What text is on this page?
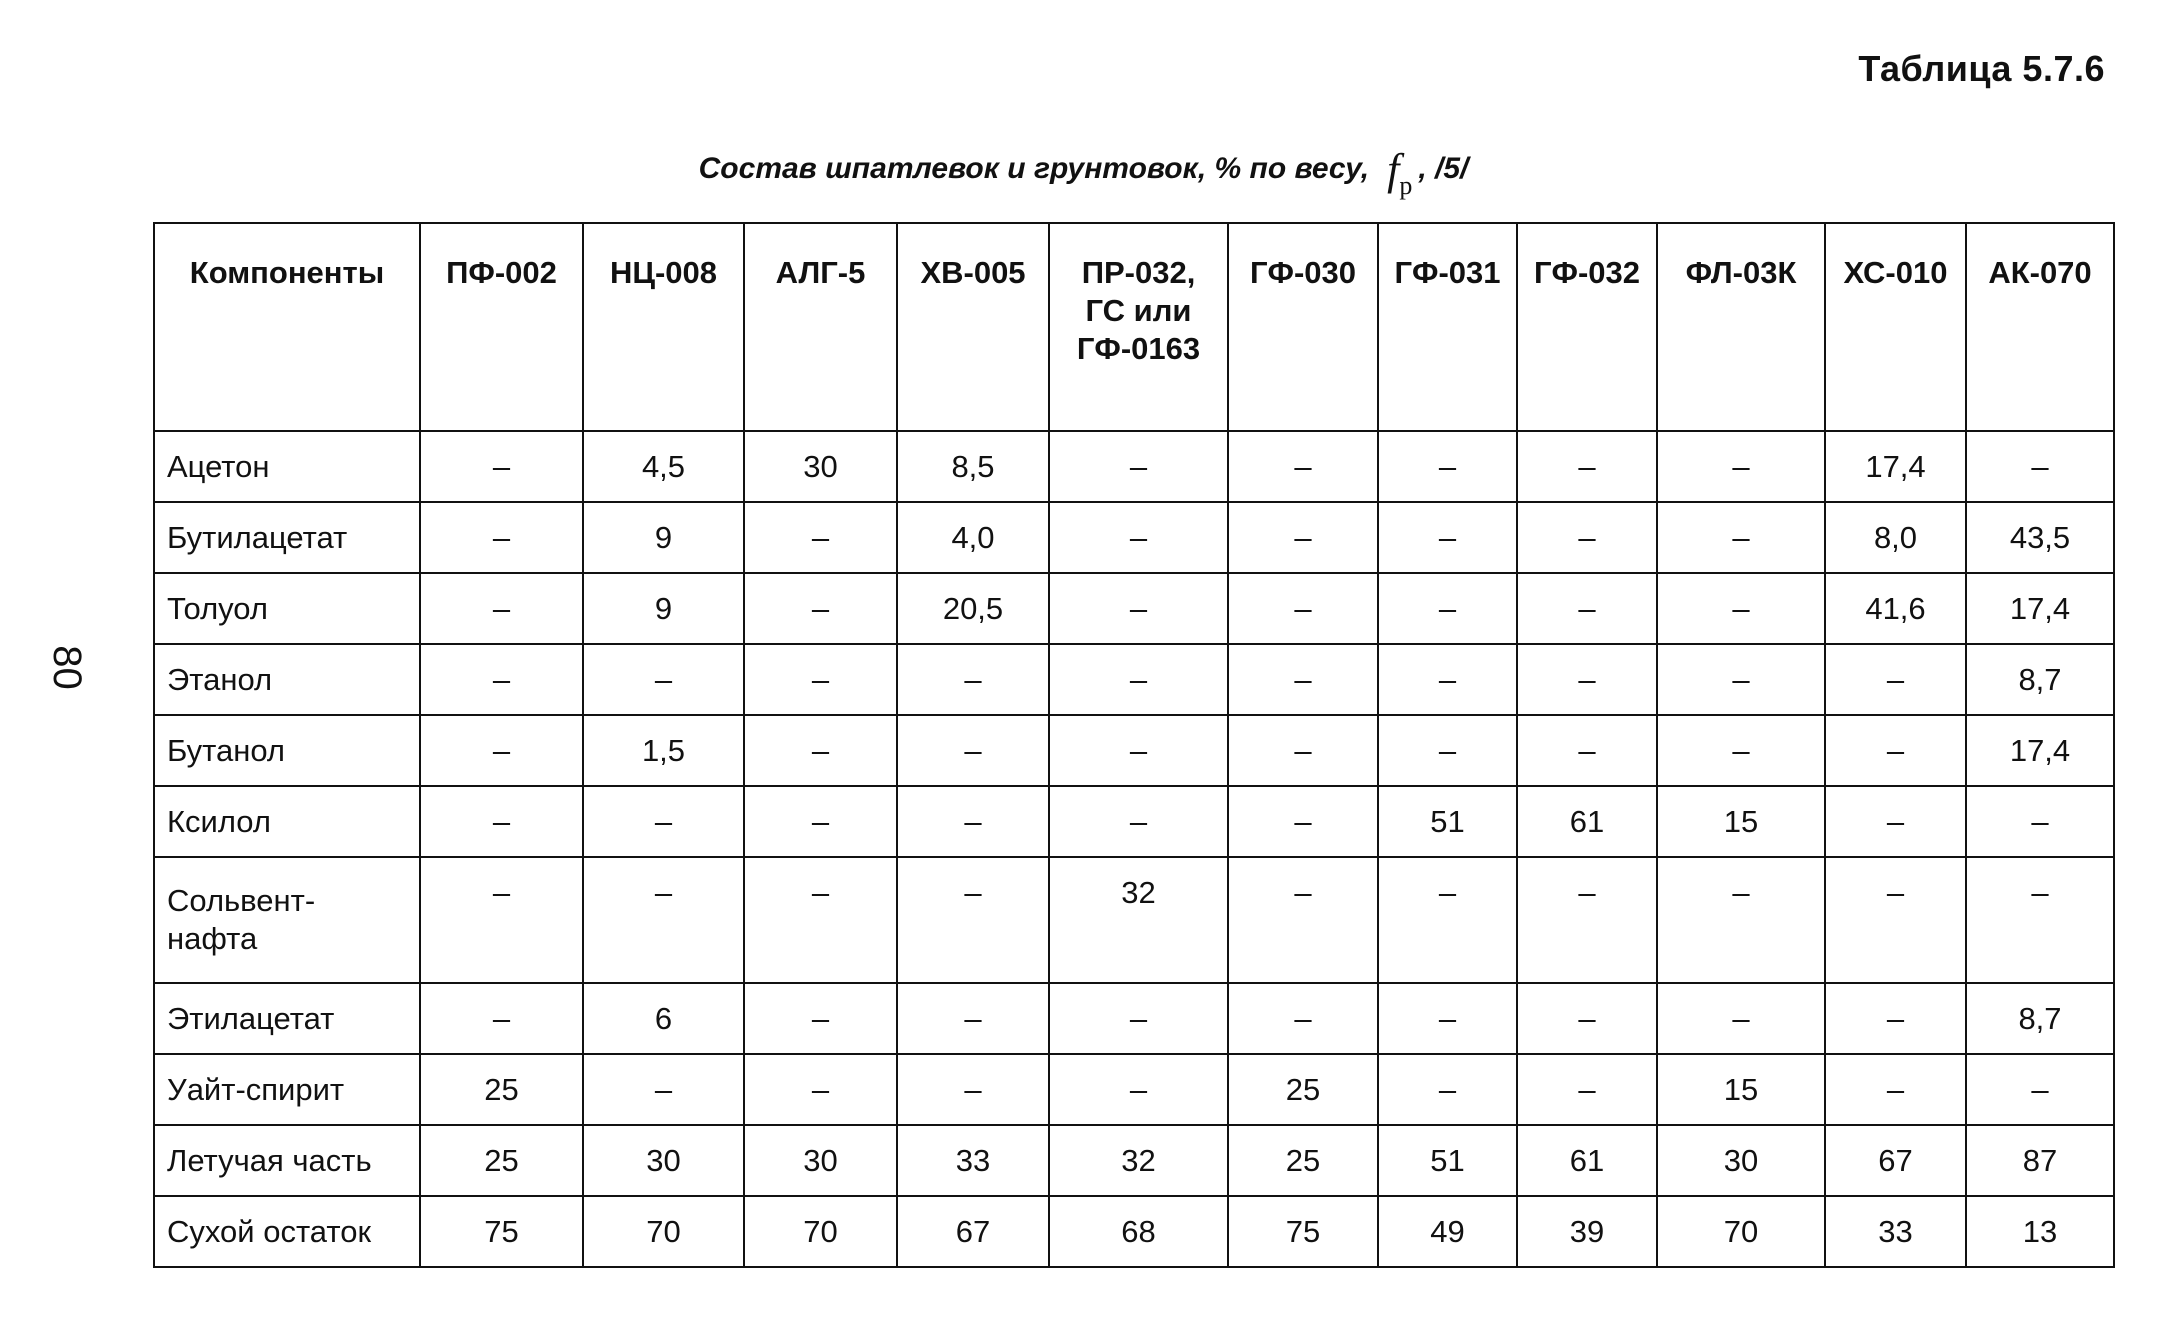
Таблица 5.7.6
Состав шпатлевок и грунтовок, % по весу, $f_р$, /5/
80
Компоненты	ПФ-002	НЦ-008	АЛГ-5	ХВ-005	ПР-032,
ГС или
ГФ-0163	ГФ-030	ГФ-031	ГФ-032	ФЛ-03К	ХС-010	АК-070
Ацетон	–	4,5	30	8,5	–	–	–	–	–	17,4	–
Бутилацетат	–	9	–	4,0	–	–	–	–	–	8,0	43,5
Толуол	–	9	–	20,5	–	–	–	–	–	41,6	17,4
Этанол	–	–	–	–	–	–	–	–	–	–	8,7
Бутанол	–	1,5	–	–	–	–	–	–	–	–	17,4
Ксилол	–	–	–	–	–	–	51	61	15	–	–
Сольвент-
нафта	–	–	–	–	32	–	–	–	–	–	–
Этилацетат	–	6	–	–	–	–	–	–	–	–	8,7
Уайт-спирит	25	–	–	–	–	25	–	–	15	–	–
Летучая часть	25	30	30	33	32	25	51	61	30	67	87
Сухой остаток	75	70	70	67	68	75	49	39	70	33	13
